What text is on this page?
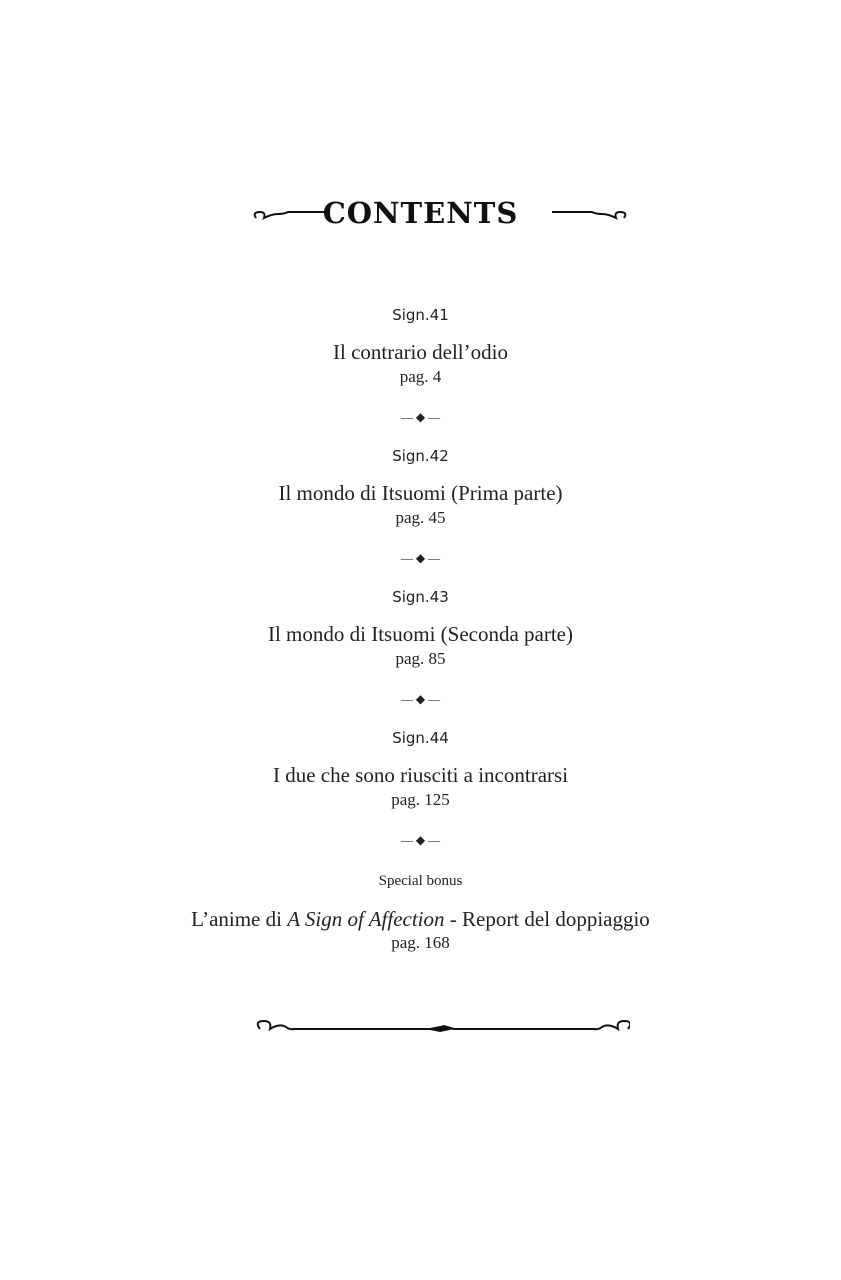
CONTENTS
Sign.41
Il contrario dell’odio
pag. 4
— ◆ —
Sign.42
Il mondo di Itsuomi (Prima parte)
pag. 45
— ◆ —
Sign.43
Il mondo di Itsuomi (Seconda parte)
pag. 85
— ◆ —
Sign.44
I due che sono riusciti a incontrarsi
pag. 125
— ◆ —
Special bonus
L’anime di A Sign of Affection - Report del doppiaggio
pag. 168
